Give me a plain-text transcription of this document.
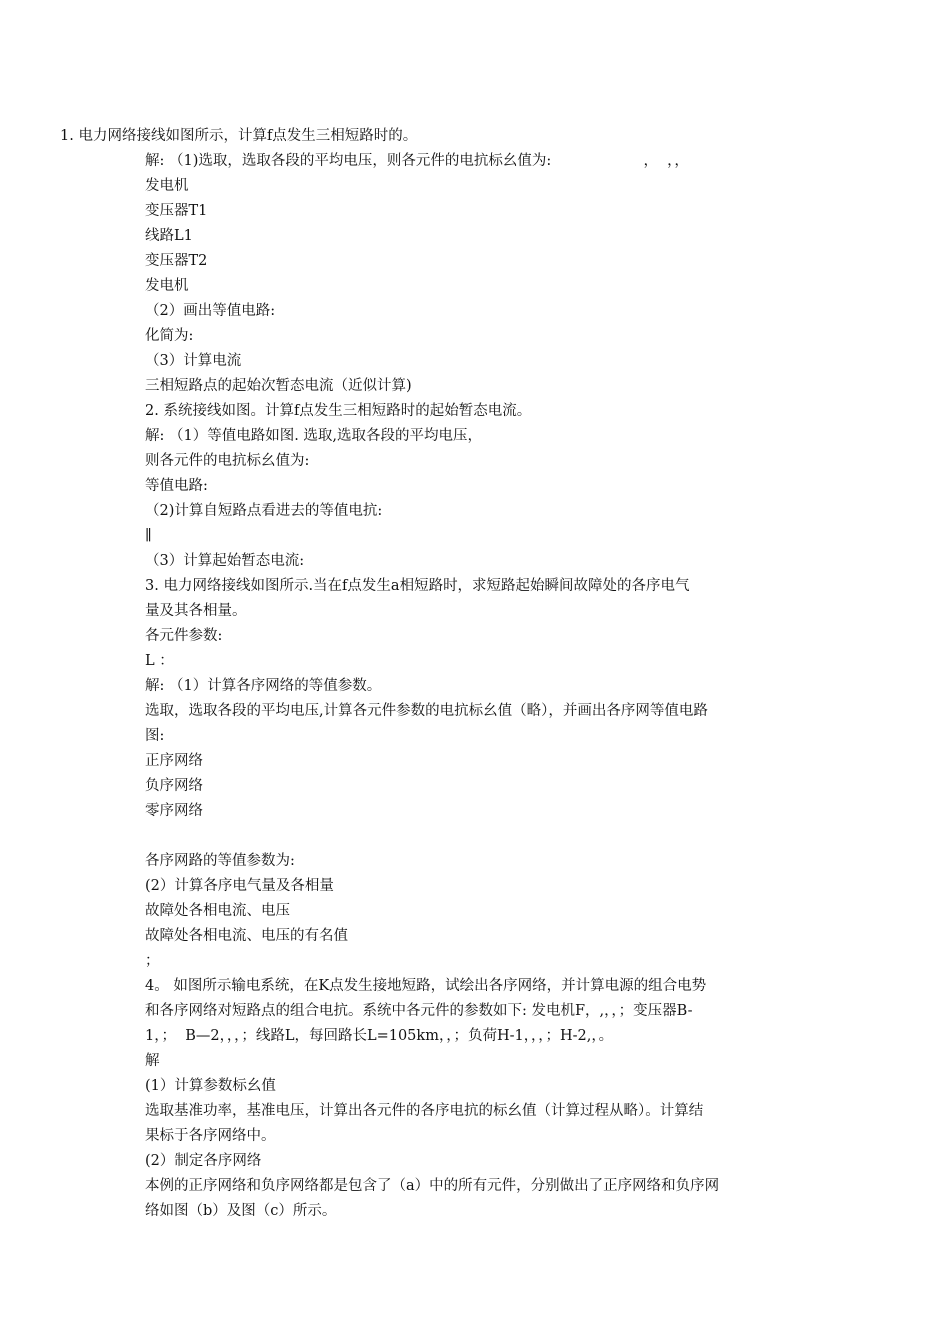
1. 电力网络接线如图所示，计算f点发生三相短路时的。
解: （1)选取，选取各段的平均电压，则各元件的电抗标幺值为:                    ，  ，，
发电机
变压器T1
线路L1
变压器T2
发电机
（2）画出等值电路:
化简为:
（3）计算电流
三相短路点的起始次暂态电流（近似计算)
2. 系统接线如图。计算f点发生三相短路时的起始暂态电流。
解: （1）等值电路如图. 选取,选取各段的平均电压，
则各元件的电抗标幺值为:
等值电路:
（2)计算自短路点看进去的等值电抗:
∥
（3）计算起始暂态电流:
3. 电力网络接线如图所示.当在f点发生a相短路时，求短路起始瞬间故障处的各序电气
量及其各相量。
各元件参数:
L ：
解: （1）计算各序网络的等值参数。
选取，选取各段的平均电压,计算各元件参数的电抗标幺值（略），并画出各序网等值电路
图:
正序网络
负序网络
零序网络
各序网路的等值参数为:
(2）计算各序电气量及各相量
故障处各相电流、电压
故障处各相电流、电压的有名值
；
4。 如图所示输电系统，在K点发生接地短路，试绘出各序网络，并计算电源的组合电势
和各序网络对短路点的组合电抗。系统中各元件的参数如下: 发电机F，,，，；变压器B-
1，；  B—2，，，；线路L，每回路长L=105km，，；负荷H-1，，，；H-2,，。
解
(1）计算参数标幺值
选取基准功率，基准电压，计算出各元件的各序电抗的标幺值（计算过程从略）。计算结
果标于各序网络中。
(2）制定各序网络
本例的正序网络和负序网络都是包含了（a）中的所有元件，分别做出了正序网络和负序网
络如图（b）及图（c）所示。
